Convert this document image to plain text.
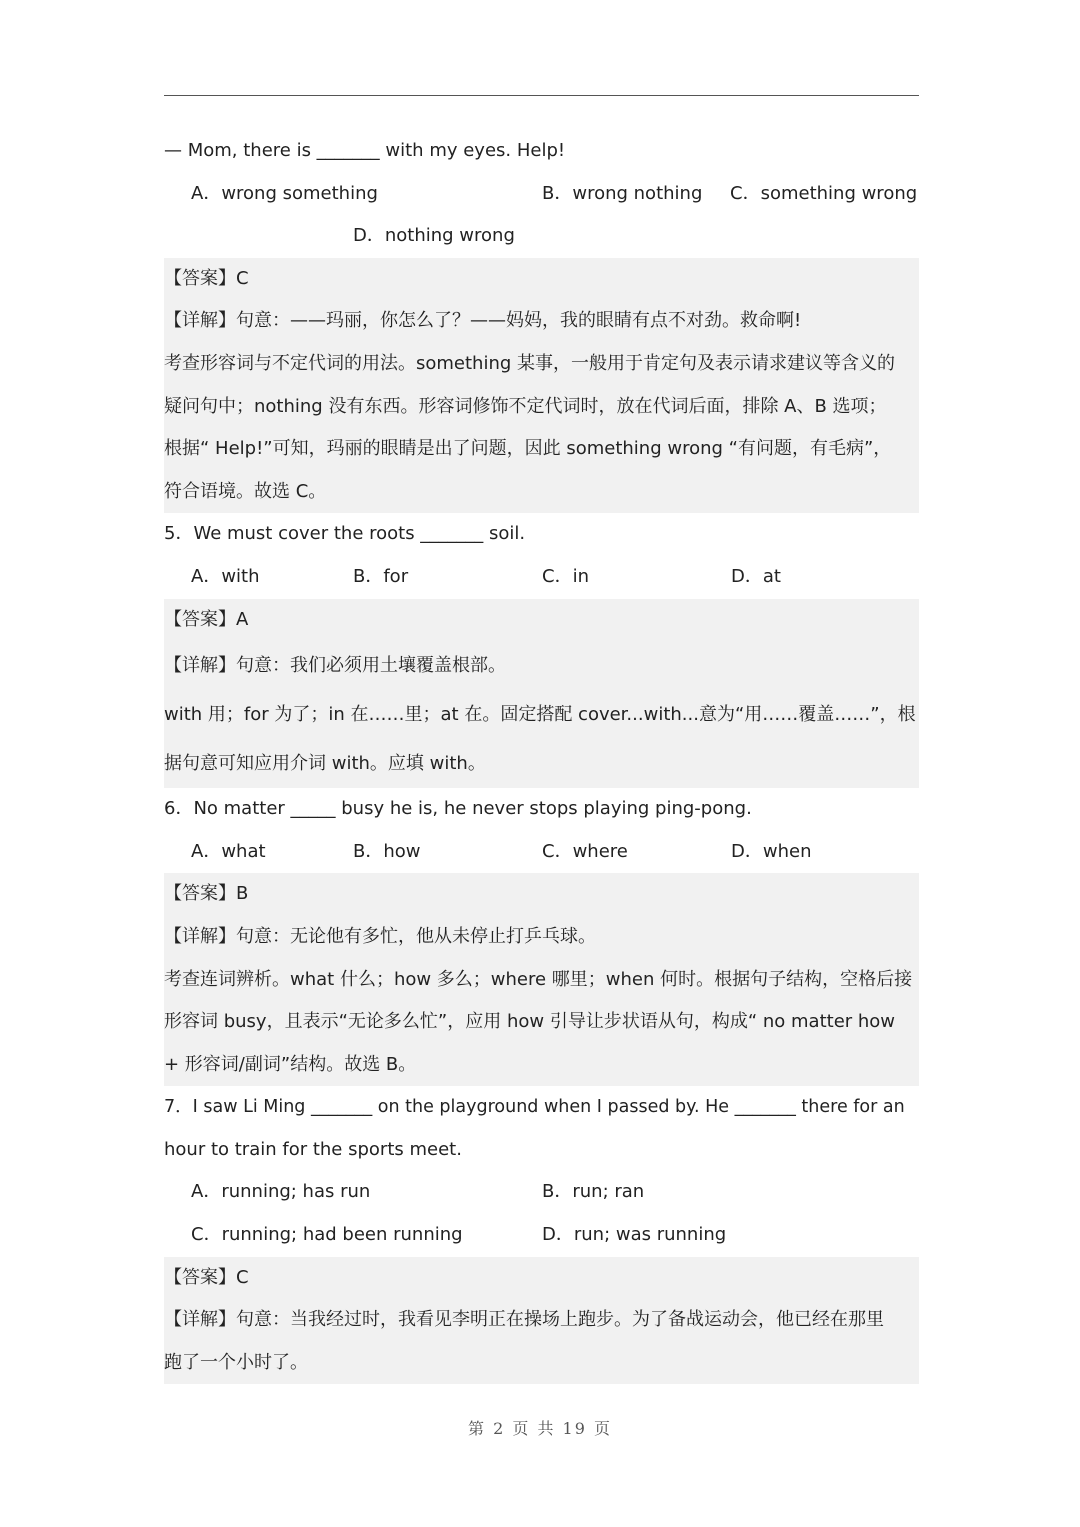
— Mom, there is _______ with my eyes. Help!
A．wrong something	B．wrong nothing C．something wrong
D．nothing wrong
【答案】C
【详解】句意：——玛丽，你怎么了？——妈妈，我的眼睛有点不对劲。救命啊!
考查形容词与不定代词的用法。something 某事，一般用于肯定句及表示请求建议等含义的
疑问句中；nothing 没有东西。形容词修饰不定代词时，放在代词后面，排除 A、B 选项；
根据“ Help!”可知，玛丽的眼睛是出了问题，因此 something wrong “有问题，有毛病”，
符合语境。故选 C。
5．We must cover the roots _______ soil.
A．with	B．for	C．in	D．at
【答案】A
【详解】句意：我们必须用土壤覆盖根部。
with 用；for 为了；in 在……里；at 在。固定搭配 cover...with...意为“用……覆盖……”，根
据句意可知应用介词 with。应填 with。
6．No matter _____ busy he is, he never stops playing ping-pong.
A．what	B．how	C．where	D．when
【答案】B
【详解】句意：无论他有多忙，他从未停止打乒乓球。
考查连词辨析。what 什么；how 多么；where 哪里；when 何时。根据句子结构，空格后接
形容词 busy，且表示“无论多么忙”，应用 how 引导让步状语从句，构成“ no matter how
+ 形容词/副词”结构。故选 B。
7．I saw Li Ming _______ on the playground when I passed by. He _______ there for an
hour to train for the sports meet.
A．running; has run	B．run; ran
C．running; had been running	D．run; was running
【答案】C
【详解】句意：当我经过时，我看见李明正在操场上跑步。为了备战运动会，他已经在那里
跑了一个小时了。
第 2 页 共 19 页
